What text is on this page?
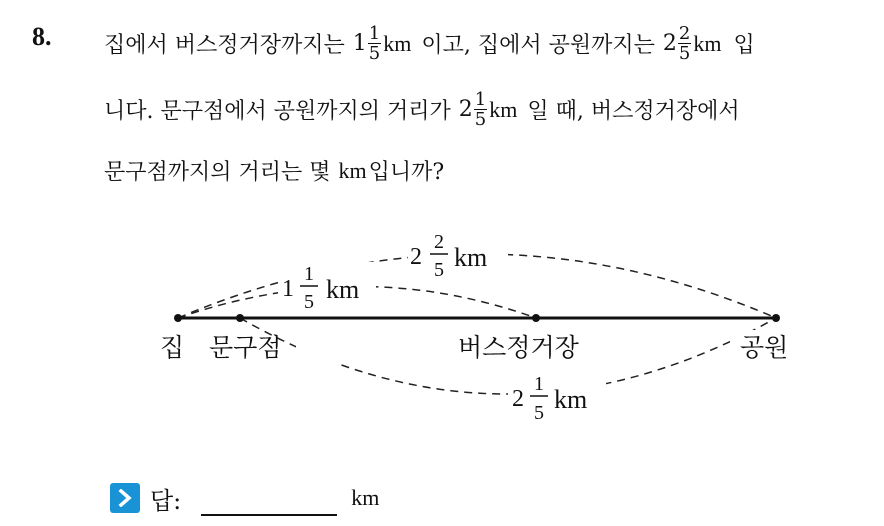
8. 집에서 버스정거장까지는 $1 \frac{1}{5}$ km 이고, 집에서 공원까지는 $2 \frac{2}{5}$ km 입
니다. 문구점에서 공원까지의 거리가 $2 \frac{1}{5}$ km 일 때, 버스정거장에서
문구점까지의 거리는 몇 km 입니까?
집 문구점	버스정거장	공원
2
2
5 km
1
1
5 km
2
1
5 km
답:	km
